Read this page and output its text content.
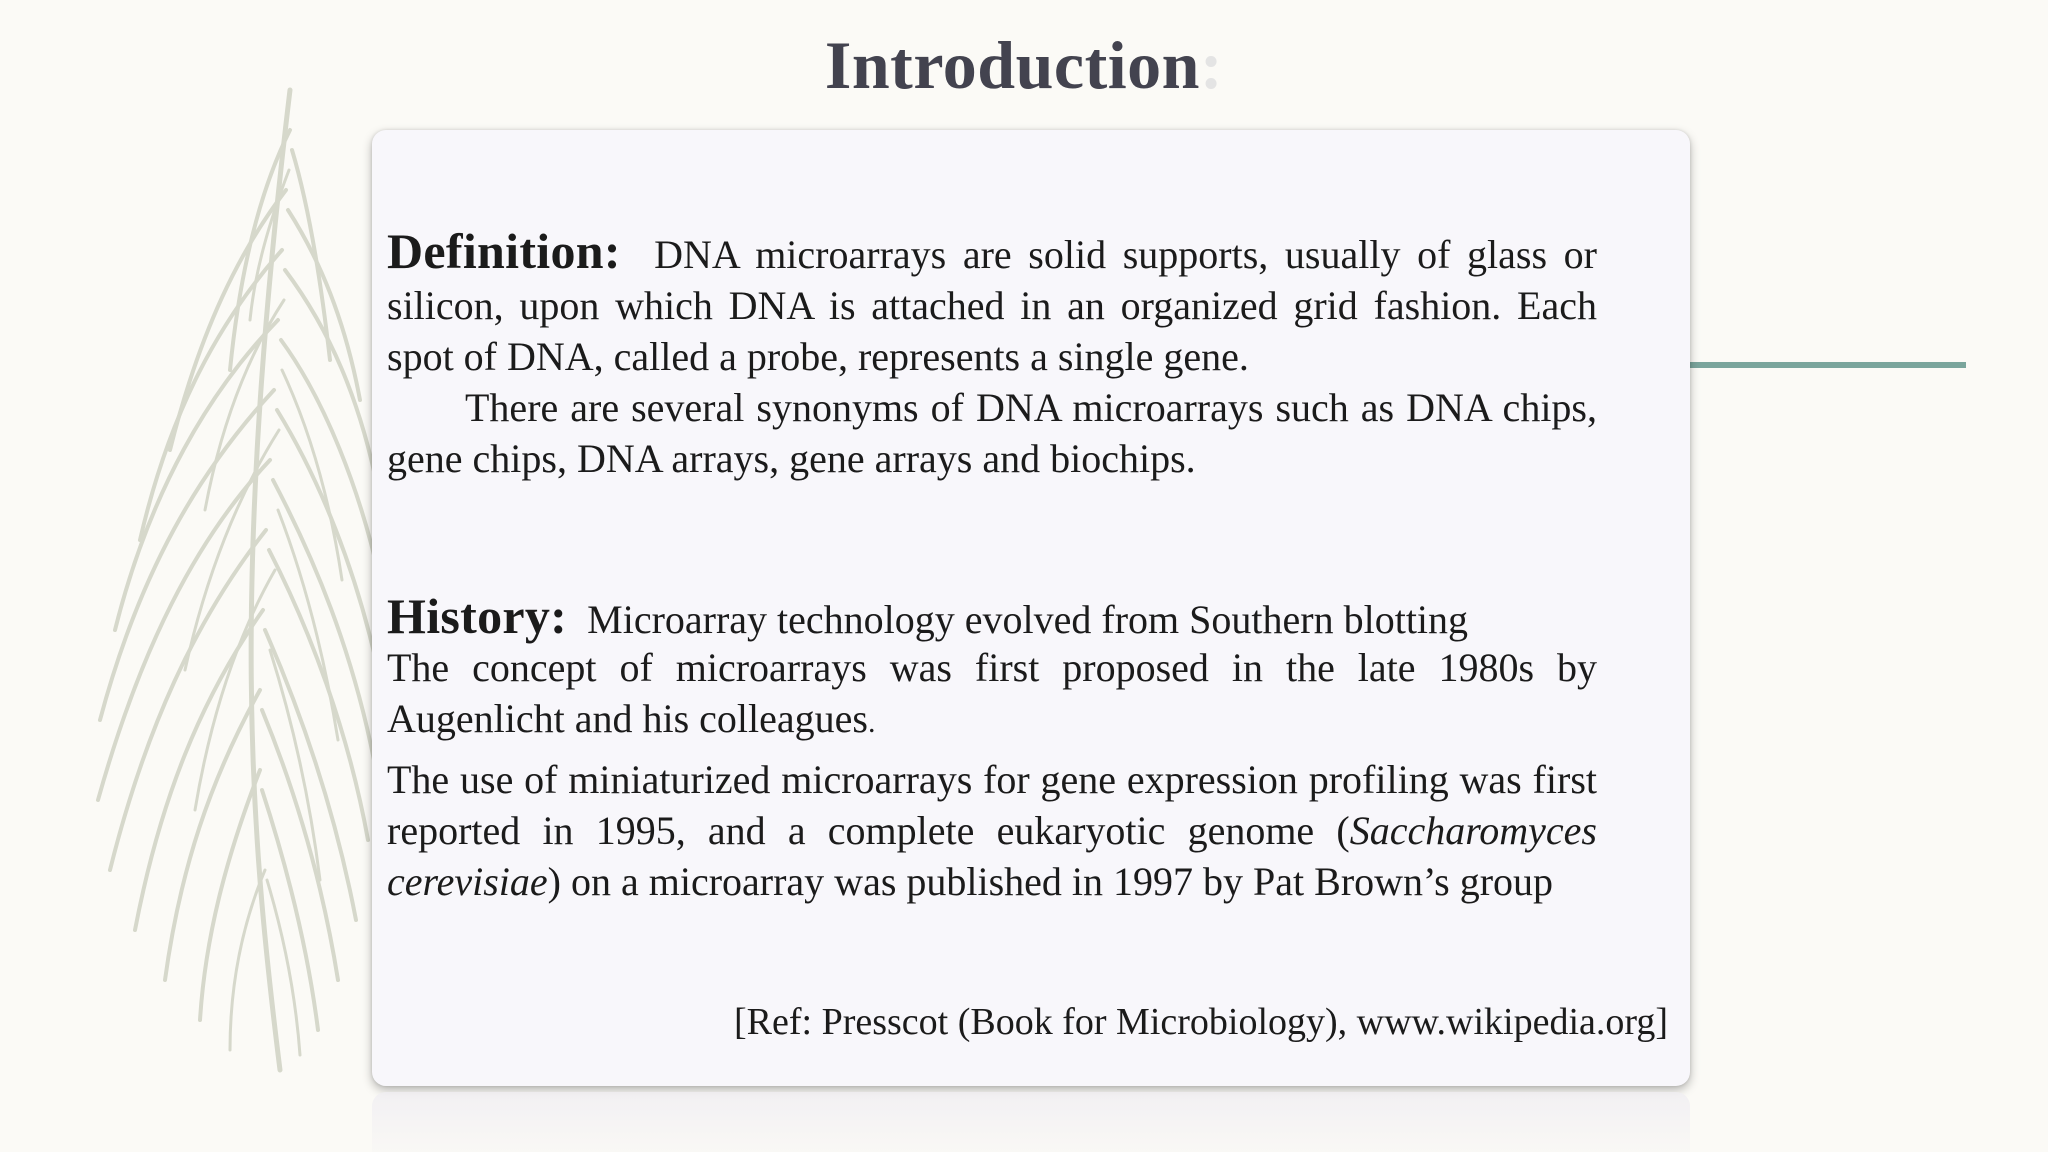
Introduction:

Definition: DNA microarrays are solid supports, usually of glass or silicon, upon which DNA is attached in an organized grid fashion. Each spot of DNA, called a probe, represents a single gene.

There are several synonyms of DNA microarrays such as DNA chips, gene chips, DNA arrays, gene arrays and biochips.

History: Microarray technology evolved from Southern blotting

The concept of microarrays was first proposed in the late 1980s by Augenlicht and his colleagues.

The use of miniaturized microarrays for gene expression profiling was first reported in 1995, and a complete eukaryotic genome (Saccharomyces cerevisiae) on a microarray was published in 1997 by Pat Brown’s group

[Ref: Presscot (Book for Microbiology), www.wikipedia.org]
